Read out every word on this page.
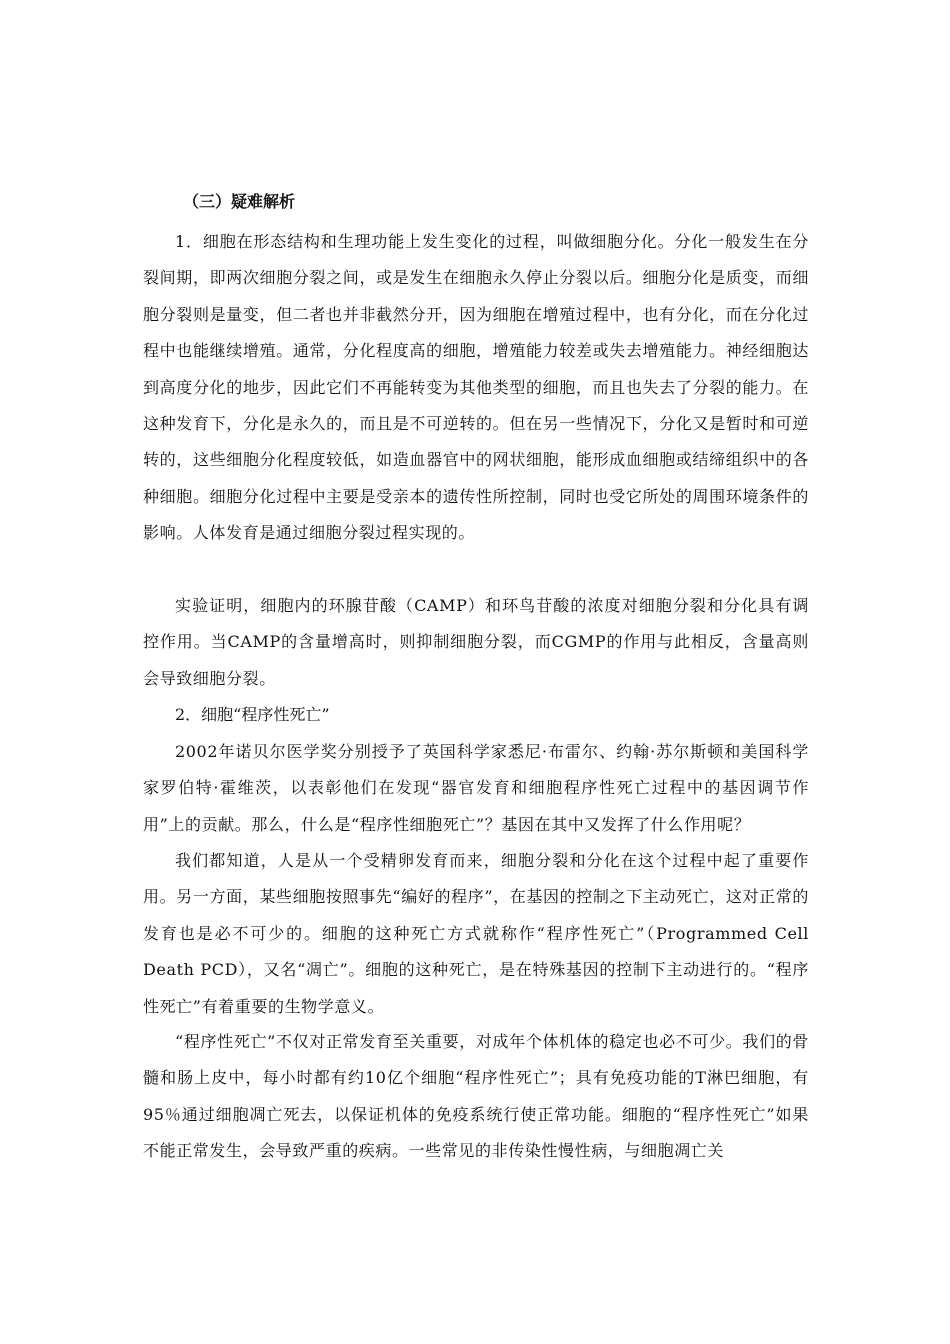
（三）疑难解析

1．细胞在形态结构和生理功能上发生变化的过程，叫做细胞分化。分化一般发生在分裂间期，即两次细胞分裂之间，或是发生在细胞永久停止分裂以后。细胞分化是质变，而细胞分裂则是量变，但二者也并非截然分开，因为细胞在增殖过程中，也有分化，而在分化过程中也能继续增殖。通常，分化程度高的细胞，增殖能力较差或失去增殖能力。神经细胞达到高度分化的地步，因此它们不再能转变为其他类型的细胞，而且也失去了分裂的能力。在这种发育下，分化是永久的，而且是不可逆转的。但在另一些情况下，分化又是暂时和可逆转的，这些细胞分化程度较低，如造血器官中的网状细胞，能形成血细胞或结缔组织中的各种细胞。细胞分化过程中主要是受亲本的遗传性所控制，同时也受它所处的周围环境条件的影响。人体发育是通过细胞分裂过程实现的。

实验证明，细胞内的环腺苷酸（CAMP）和环鸟苷酸的浓度对细胞分裂和分化具有调控作用。当CAMP的含量增高时，则抑制细胞分裂，而CGMP的作用与此相反，含量高则会导致细胞分裂。

2．细胞“程序性死亡”

2002年诺贝尔医学奖分别授予了英国科学家悉尼·布雷尔、约翰·苏尔斯顿和美国科学家罗伯特·霍维茨，以表彰他们在发现“器官发育和细胞程序性死亡过程中的基因调节作用”上的贡献。那么，什么是“程序性细胞死亡”？基因在其中又发挥了什么作用呢？

我们都知道，人是从一个受精卵发育而来，细胞分裂和分化在这个过程中起了重要作用。另一方面，某些细胞按照事先“编好的程序”，在基因的控制之下主动死亡，这对正常的发育也是必不可少的。细胞的这种死亡方式就称作“程序性死亡”（Programmed Cell Death PCD），又名“凋亡”。细胞的这种死亡，是在特殊基因的控制下主动进行的。“程序性死亡”有着重要的生物学意义。

“程序性死亡”不仅对正常发育至关重要，对成年个体机体的稳定也必不可少。我们的骨髓和肠上皮中，每小时都有约10亿个细胞“程序性死亡”；具有免疫功能的T淋巴细胞，有95％通过细胞凋亡死去，以保证机体的免疫系统行使正常功能。细胞的“程序性死亡”如果不能正常发生，会导致严重的疾病。一些常见的非传染性慢性病，与细胞凋亡关
